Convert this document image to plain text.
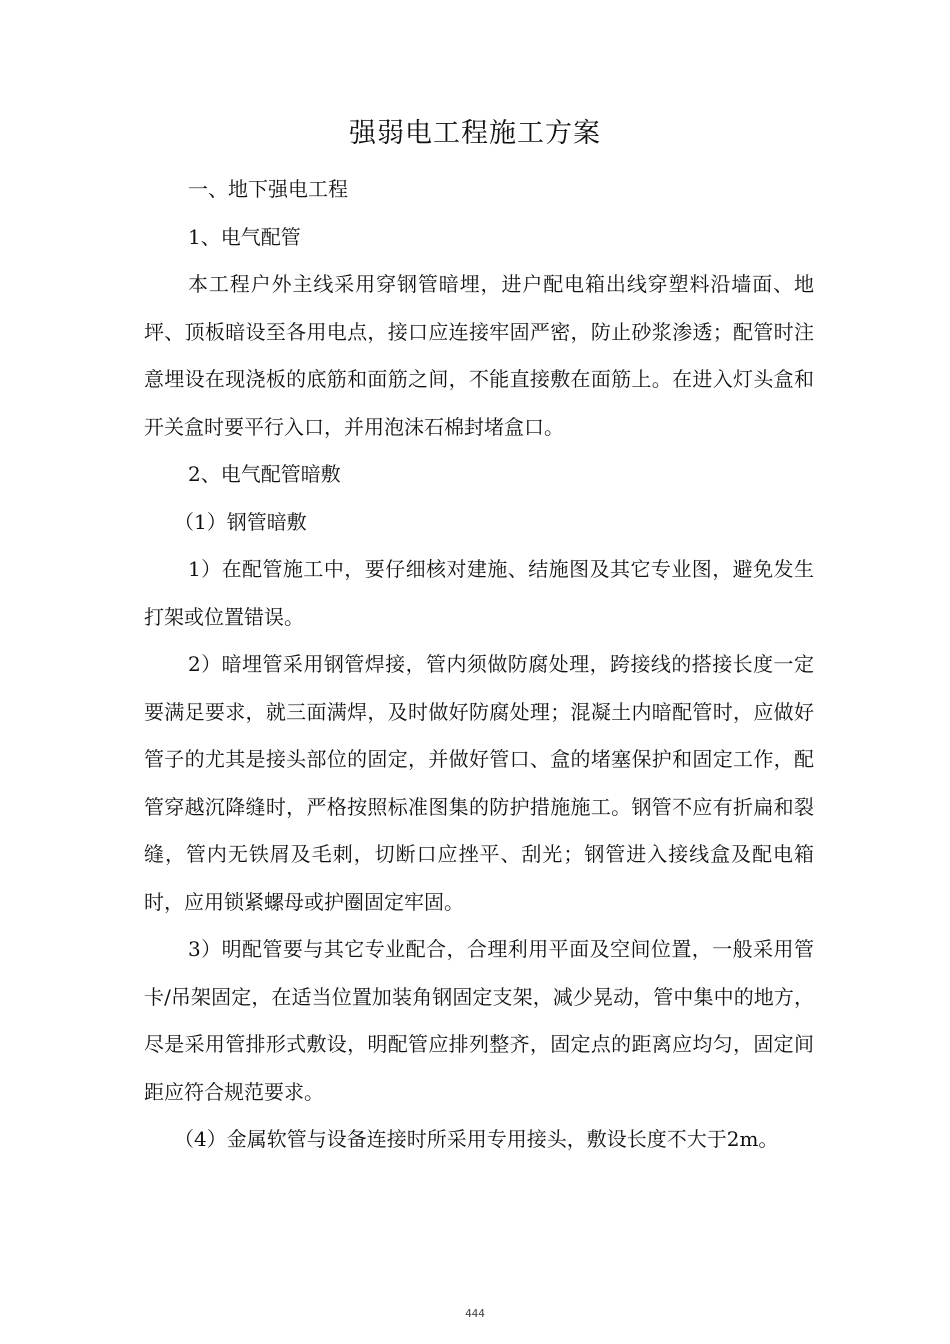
强弱电工程施工方案

一、地下强电工程

1、电气配管

本工程户外主线采用穿钢管暗埋，进户配电箱出线穿塑料沿墙面、地坪、顶板暗设至各用电点，接口应连接牢固严密，防止砂浆渗透；配管时注意埋设在现浇板的底筋和面筋之间，不能直接敷在面筋上。在进入灯头盒和开关盒时要平行入口，并用泡沫石棉封堵盒口。

2、电气配管暗敷

（1）钢管暗敷

1）在配管施工中，要仔细核对建施、结施图及其它专业图，避免发生打架或位置错误。

2）暗埋管采用钢管焊接，管内须做防腐处理，跨接线的搭接长度一定要满足要求，就三面满焊，及时做好防腐处理；混凝土内暗配管时，应做好管子的尤其是接头部位的固定，并做好管口、盒的堵塞保护和固定工作，配管穿越沉降缝时，严格按照标准图集的防护措施施工。钢管不应有折扁和裂缝，管内无铁屑及毛刺，切断口应挫平、刮光；钢管进入接线盒及配电箱时，应用锁紧螺母或护圈固定牢固。

3）明配管要与其它专业配合，合理利用平面及空间位置，一般采用管卡/吊架固定，在适当位置加装角钢固定支架，减少晃动，管中集中的地方，尽是采用管排形式敷设，明配管应排列整齐，固定点的距离应均匀，固定间距应符合规范要求。

（4）金属软管与设备连接时所采用专用接头，敷设长度不大于2m。

444
